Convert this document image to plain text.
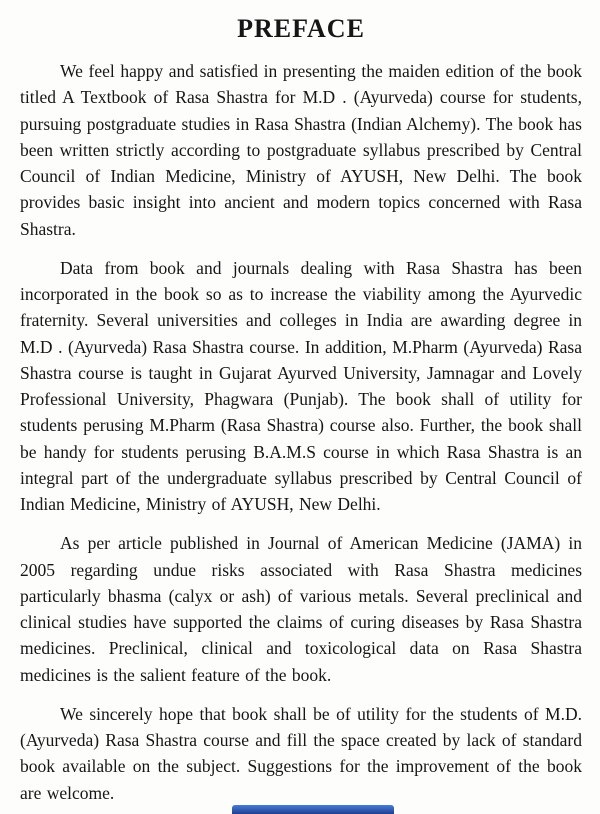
PREFACE

We feel happy and satisfied in presenting the maiden edition of the book titled A Textbook of Rasa Shastra for M.D . (Ayurveda) course for students, pursuing postgraduate studies in Rasa Shastra (Indian Alchemy). The book has been written strictly according to postgraduate syllabus prescribed by Central Council of Indian Medicine, Ministry of AYUSH, New Delhi. The book provides basic insight into ancient and modern topics concerned with Rasa Shastra.

Data from book and journals dealing with Rasa Shastra has been incorporated in the book so as to increase the viability among the Ayurvedic fraternity. Several universities and colleges in India are awarding degree in M.D . (Ayurveda) Rasa Shastra course. In addition, M.Pharm (Ayurveda) Rasa Shastra course is taught in Gujarat Ayurved University, Jamnagar and Lovely Professional University, Phagwara (Punjab). The book shall of utility for students perusing M.Pharm (Rasa Shastra) course also. Further, the book shall be handy for students perusing B.A.M.S course in which Rasa Shastra is an integral part of the undergraduate syllabus prescribed by Central Council of Indian Medicine, Ministry of AYUSH, New Delhi.

As per article published in Journal of American Medicine (JAMA) in 2005 regarding undue risks associated with Rasa Shastra medicines particularly bhasma (calyx or ash) of various metals. Several preclinical and clinical studies have supported the claims of curing diseases by Rasa Shastra medicines. Preclinical, clinical and toxicological data on Rasa Shastra medicines is the salient feature of the book.

We sincerely hope that book shall be of utility for the students of M.D. (Ayurveda) Rasa Shastra course and fill the space created by lack of standard book available on the subject. Suggestions for the improvement of the book are welcome.
